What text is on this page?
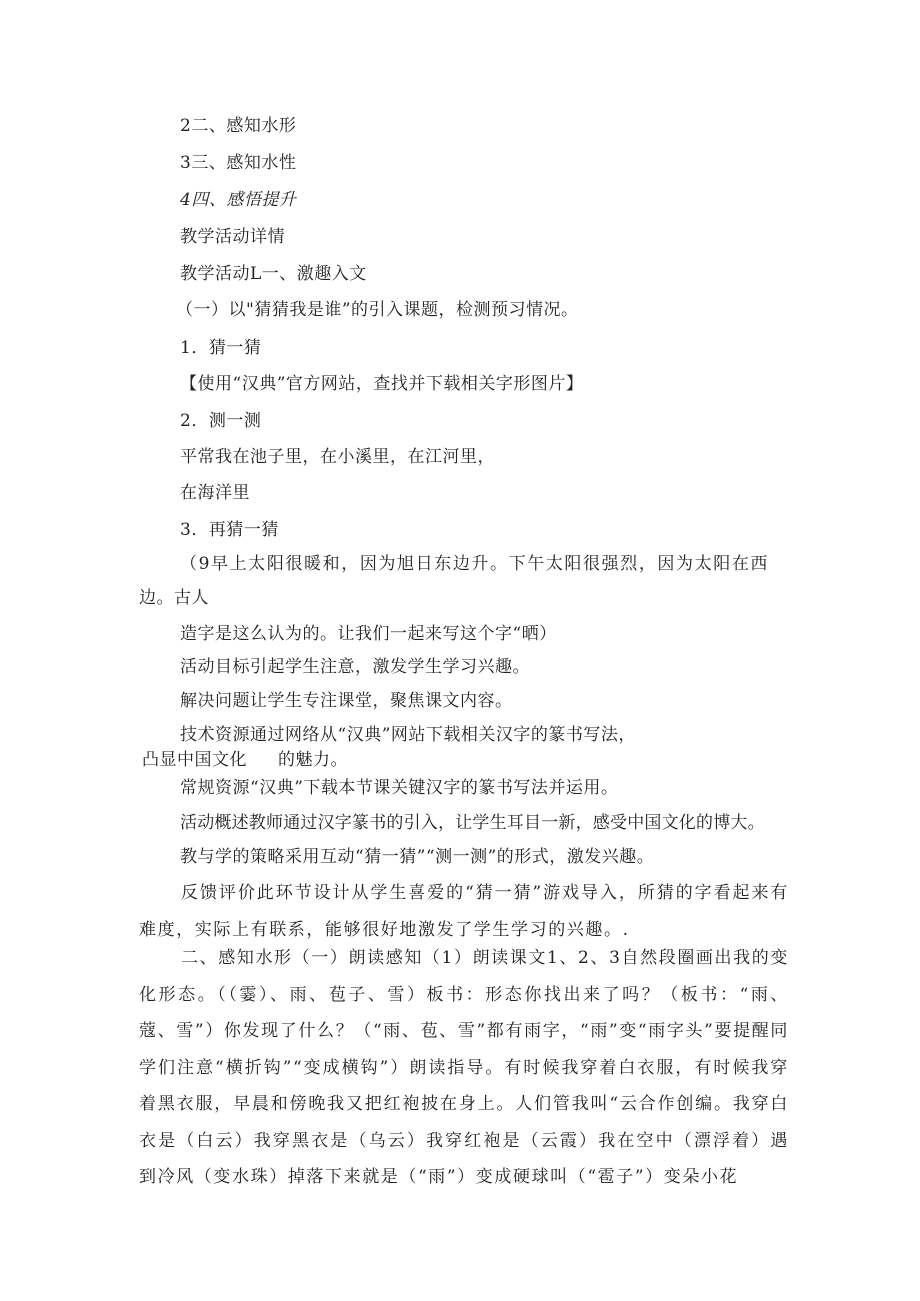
2二、感知水形
3三、感知水性
4四、感悟提升
教学活动详情
教学活动L一、激趣入文
（一）以"猜猜我是谁”的引入课题，检测预习情况。
1．猜一猜
【使用“汉典”官方网站，查找并下载相关字形图片】
2．测一测
平常我在池子里，在小溪里，在江河里，
在海洋里
3．再猜一猜
（9早上太阳很暖和，因为旭日东边升。下午太阳很强烈，因为太阳在西
边。古人
造字是这么认为的。让我们一起来写这个字“晒）
活动目标引起学生注意，激发学生学习兴趣。
解决问题让学生专注课堂，聚焦课文内容。
技术资源通过网络从“汉典”网站下载相关汉字的篆书写法，
凸显中国文化 的魅力。
常规资源“汉典”下载本节课关键汉字的篆书写法并运用。
活动概述教师通过汉字篆书的引入，让学生耳目一新，感受中国文化的博大。
教与学的策略采用互动“猜一猜”“测一测”的形式，激发兴趣。
反馈评价此环节设计从学生喜爱的“猜一猜”游戏导入，所猜的字看起来有难度，实际上有联系，能够很好地激发了学生学习的兴趣。.
二、感知水形（一）朗读感知（1）朗读课文1、2、3自然段圈画出我的变化形态。（（霎）、雨、苞子、雪）板书：形态你找出来了吗？（板书：“雨、蔻、雪”）你发现了什么？（“雨、苞、雪”都有雨字，“雨”变“雨字头”要提醒同学们注意“横折钩”“变成横钩”）朗读指导。有时候我穿着白衣服，有时候我穿着黑衣服，早晨和傍晚我又把红袍披在身上。人们管我叫“云合作创编。我穿白衣是（白云）我穿黑衣是（乌云）我穿红袍是（云霞）我在空中（漂浮着）遇到冷风（变水珠）掉落下来就是（“雨”）变成硬球叫（“雹子”）变朵小花
